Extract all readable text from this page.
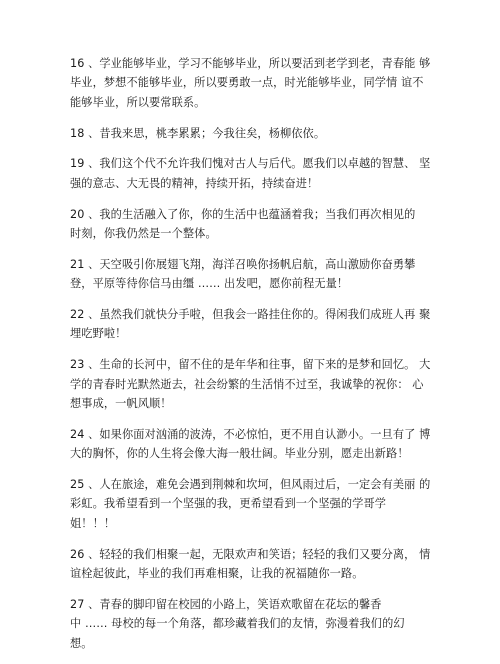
16 、学业能够毕业，学习不能够毕业，所以要活到老学到老，青春能 够
毕业，梦想不能够毕业，所以要勇敢一点，时光能够毕业，同学情 谊不
能够毕业，所以要常联系。
18 、昔我来思，桃李累累；今我往矣，杨柳依依。
19 、我们这个代不允许我们愧对古人与后代。愿我们以卓越的智慧、 坚
强的意志、大无畏的精神，持续开拓，持续奋进！
20 、我的生活融入了你，你的生活中也蕴涵着我；当我们再次相见的
时刻，你我仍然是一个整体。
21 、天空吸引你展翅飞翔，海洋召唤你扬帆启航，高山激励你奋勇攀
登，平原等待你信马由缰 …… 出发吧，愿你前程无量！
22 、虽然我们就快分手啦，但我会一路挂住你的。得闲我们成班人再 聚
埋吃野啦！
23 、生命的长河中，留不住的是年华和往事，留下来的是梦和回忆。 大
学的青春时光默然逝去，社会纷繁的生活悄不过至，我诚挚的祝你： 心
想事成，一帆风顺！
24 、如果你面对汹涌的波涛，不必惊怕，更不用自认渺小。一旦有了 博
大的胸怀，你的人生将会像大海一般壮阔。毕业分别，愿走出新路！
25 、人在旅途，难免会遇到荆棘和坎坷，但风雨过后，一定会有美丽 的
彩虹。我希望看到一个坚强的我，更希望看到一个坚强的学哥学
姐！！！
26 、轻轻的我们相聚一起，无限欢声和笑语；轻轻的我们又要分离， 情
谊栓起彼此，毕业的我们再难相聚，让我的祝福随你一路。
27 、青春的脚印留在校园的小路上，笑语欢歌留在花坛的馨香
中 …… 母校的每一个角落，都珍藏着我们的友情，弥漫着我们的幻
想。
